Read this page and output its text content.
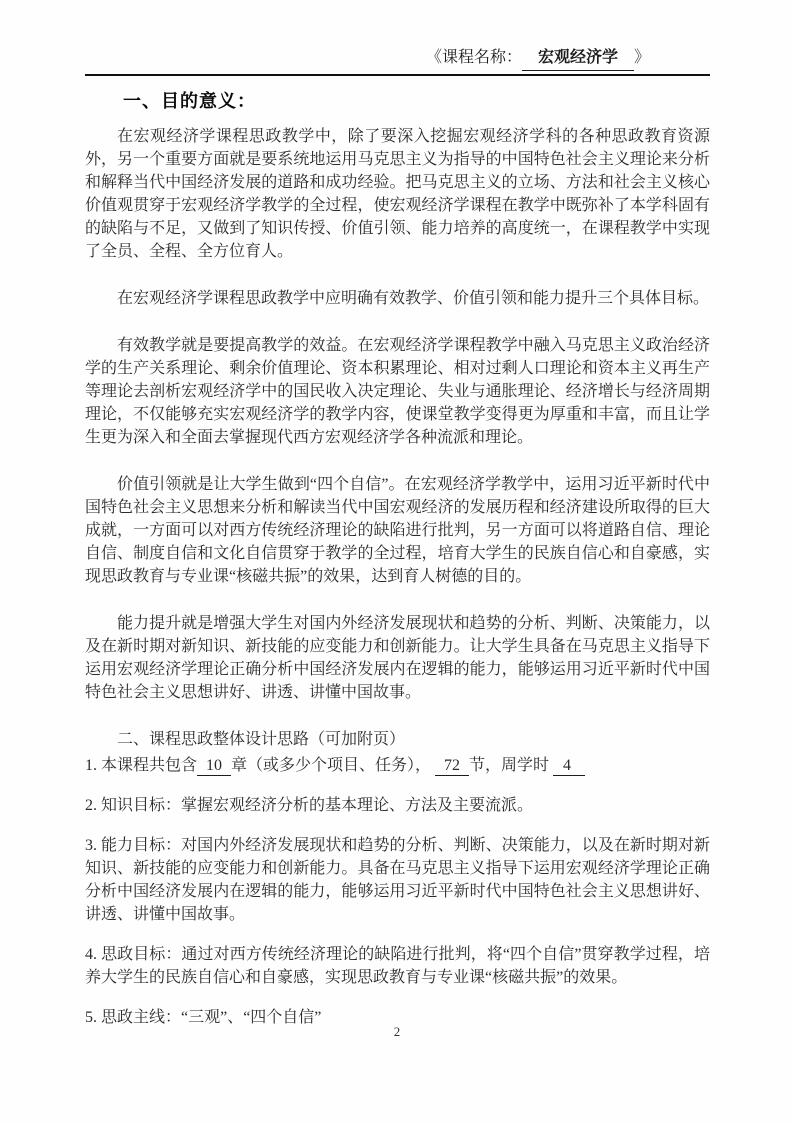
《课程名称： 宏观经济学 》
一、目的意义：

在宏观经济学课程思政教学中，除了要深入挖掘宏观经济学科的各种思政教育资源外，另一个重要方面就是要系统地运用马克思主义为指导的中国特色社会主义理论来分析和解释当代中国经济发展的道路和成功经验。把马克思主义的立场、方法和社会主义核心价值观贯穿于宏观经济学教学的全过程，使宏观经济学课程在教学中既弥补了本学科固有的缺陷与不足，又做到了知识传授、价值引领、能力培养的高度统一，在课程教学中实现了全员、全程、全方位育人。

在宏观经济学课程思政教学中应明确有效教学、价值引领和能力提升三个具体目标。

有效教学就是要提高教学的效益。在宏观经济学课程教学中融入马克思主义政治经济学的生产关系理论、剩余价值理论、资本积累理论、相对过剩人口理论和资本主义再生产等理论去剖析宏观经济学中的国民收入决定理论、失业与通胀理论、经济增长与经济周期理论，不仅能够充实宏观经济学的教学内容，使课堂教学变得更为厚重和丰富，而且让学生更为深入和全面去掌握现代西方宏观经济学各种流派和理论。

价值引领就是让大学生做到“四个自信”。在宏观经济学教学中，运用习近平新时代中国特色社会主义思想来分析和解读当代中国宏观经济的发展历程和经济建设所取得的巨大成就，一方面可以对西方传统经济理论的缺陷进行批判，另一方面可以将道路自信、理论自信、制度自信和文化自信贯穿于教学的全过程，培育大学生的民族自信心和自豪感，实现思政教育与专业课“核磁共振”的效果，达到育人树德的目的。

能力提升就是增强大学生对国内外经济发展现状和趋势的分析、判断、决策能力，以及在新时期对新知识、新技能的应变能力和创新能力。让大学生具备在马克思主义指导下运用宏观经济学理论正确分析中国经济发展内在逻辑的能力，能够运用习近平新时代中国特色社会主义思想讲好、讲透、讲懂中国故事。

二、课程思政整体设计思路（可加附页）

1. 本课程共包含 10 章（或多少个项目、任务）， 72 节，周学时 4

2. 知识目标：掌握宏观经济分析的基本理论、方法及主要流派。

3. 能力目标：对国内外经济发展现状和趋势的分析、判断、决策能力，以及在新时期对新知识、新技能的应变能力和创新能力。具备在马克思主义指导下运用宏观经济学理论正确分析中国经济发展内在逻辑的能力，能够运用习近平新时代中国特色社会主义思想讲好、讲透、讲懂中国故事。

4. 思政目标：通过对西方传统经济理论的缺陷进行批判，将“四个自信”贯穿教学过程，培养大学生的民族自信心和自豪感，实现思政教育与专业课“核磁共振”的效果。

5. 思政主线：“三观”、“四个自信”

2
